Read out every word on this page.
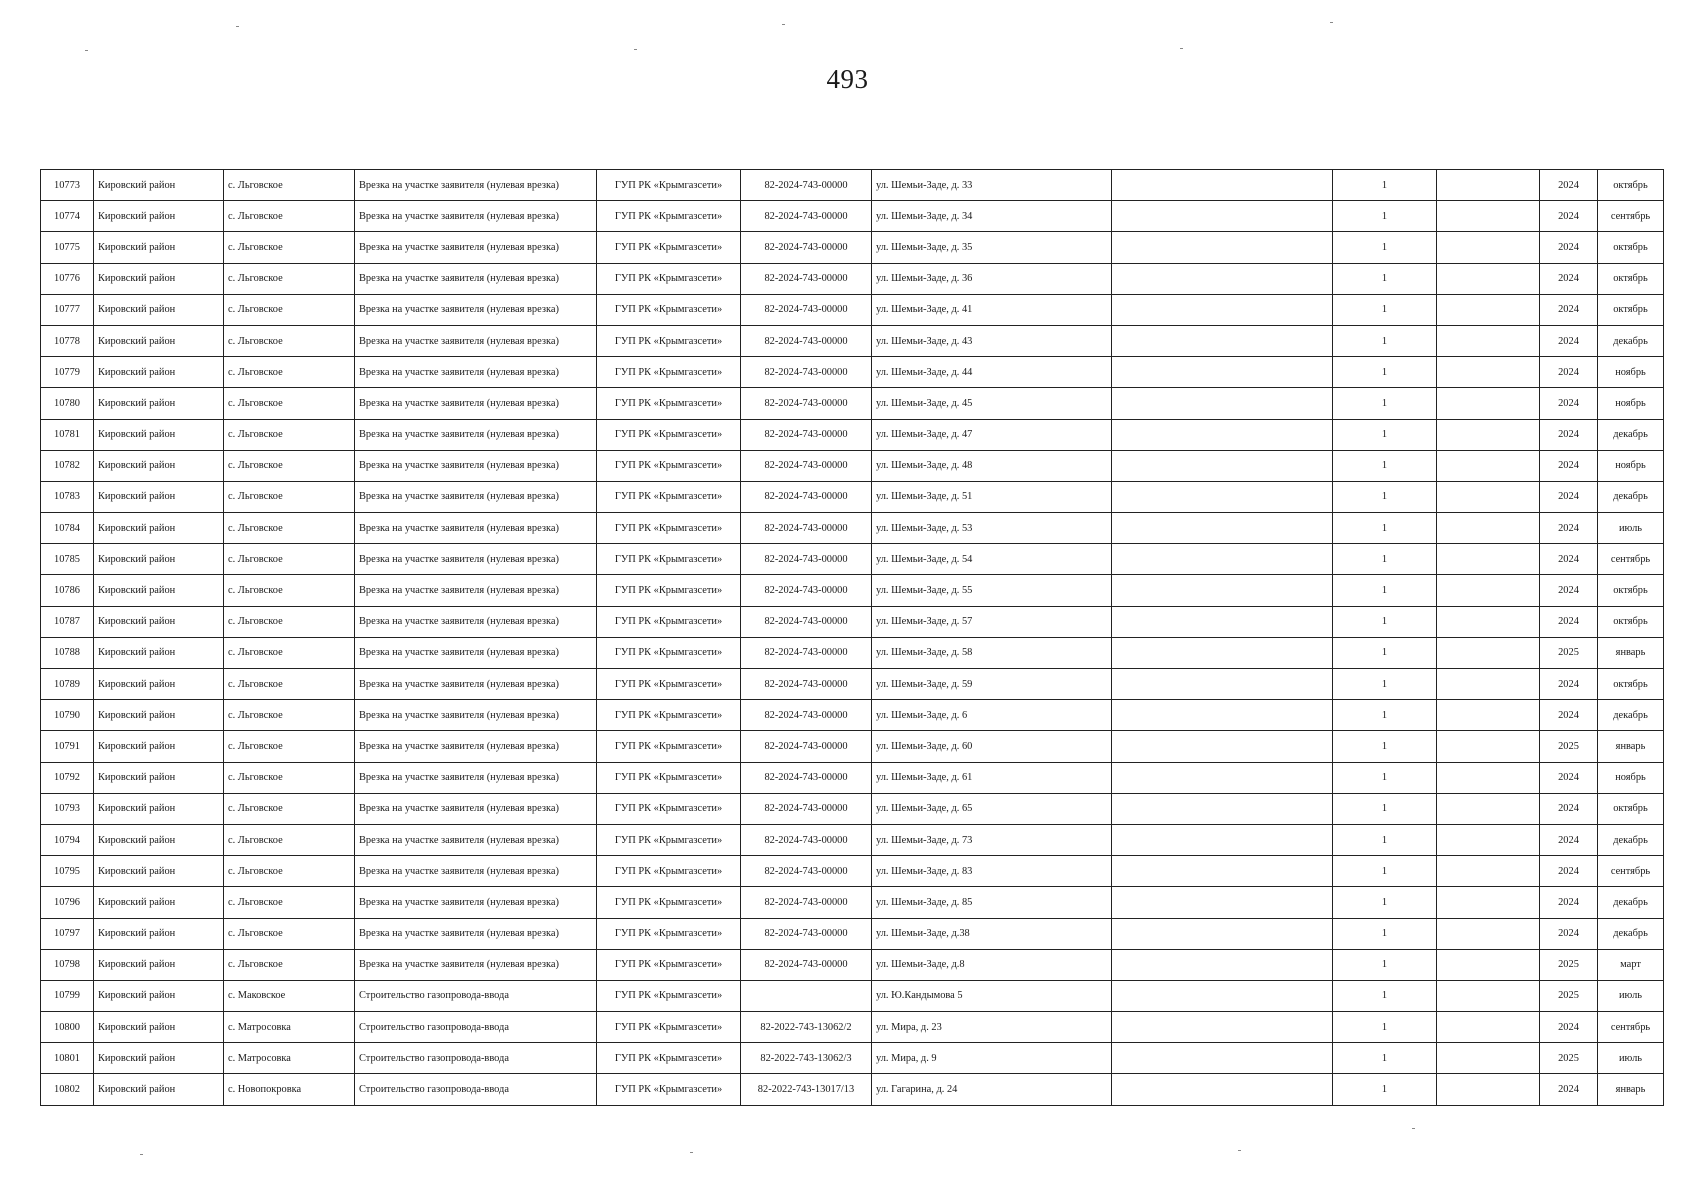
493
10773	Кировский район	с. Льговское	Врезка на участке заявителя (нулевая врезка)	ГУП РК «Крымгазсети»	82-2024-743-00000	ул. Шемьи-Заде, д. 33		1		2024	октябрь
10774	Кировский район	с. Льговское	Врезка на участке заявителя (нулевая врезка)	ГУП РК «Крымгазсети»	82-2024-743-00000	ул. Шемьи-Заде, д. 34		1		2024	сентябрь
10775	Кировский район	с. Льговское	Врезка на участке заявителя (нулевая врезка)	ГУП РК «Крымгазсети»	82-2024-743-00000	ул. Шемьи-Заде, д. 35		1		2024	октябрь
10776	Кировский район	с. Льговское	Врезка на участке заявителя (нулевая врезка)	ГУП РК «Крымгазсети»	82-2024-743-00000	ул. Шемьи-Заде, д. 36		1		2024	октябрь
10777	Кировский район	с. Льговское	Врезка на участке заявителя (нулевая врезка)	ГУП РК «Крымгазсети»	82-2024-743-00000	ул. Шемьи-Заде, д. 41		1		2024	октябрь
10778	Кировский район	с. Льговское	Врезка на участке заявителя (нулевая врезка)	ГУП РК «Крымгазсети»	82-2024-743-00000	ул. Шемьи-Заде, д. 43		1		2024	декабрь
10779	Кировский район	с. Льговское	Врезка на участке заявителя (нулевая врезка)	ГУП РК «Крымгазсети»	82-2024-743-00000	ул. Шемьи-Заде, д. 44		1		2024	ноябрь
10780	Кировский район	с. Льговское	Врезка на участке заявителя (нулевая врезка)	ГУП РК «Крымгазсети»	82-2024-743-00000	ул. Шемьи-Заде, д. 45		1		2024	ноябрь
10781	Кировский район	с. Льговское	Врезка на участке заявителя (нулевая врезка)	ГУП РК «Крымгазсети»	82-2024-743-00000	ул. Шемьи-Заде, д. 47		1		2024	декабрь
10782	Кировский район	с. Льговское	Врезка на участке заявителя (нулевая врезка)	ГУП РК «Крымгазсети»	82-2024-743-00000	ул. Шемьи-Заде, д. 48		1		2024	ноябрь
10783	Кировский район	с. Льговское	Врезка на участке заявителя (нулевая врезка)	ГУП РК «Крымгазсети»	82-2024-743-00000	ул. Шемьи-Заде, д. 51		1		2024	декабрь
10784	Кировский район	с. Льговское	Врезка на участке заявителя (нулевая врезка)	ГУП РК «Крымгазсети»	82-2024-743-00000	ул. Шемьи-Заде, д. 53		1		2024	июль
10785	Кировский район	с. Льговское	Врезка на участке заявителя (нулевая врезка)	ГУП РК «Крымгазсети»	82-2024-743-00000	ул. Шемьи-Заде, д. 54		1		2024	сентябрь
10786	Кировский район	с. Льговское	Врезка на участке заявителя (нулевая врезка)	ГУП РК «Крымгазсети»	82-2024-743-00000	ул. Шемьи-Заде, д. 55		1		2024	октябрь
10787	Кировский район	с. Льговское	Врезка на участке заявителя (нулевая врезка)	ГУП РК «Крымгазсети»	82-2024-743-00000	ул. Шемьи-Заде, д. 57		1		2024	октябрь
10788	Кировский район	с. Льговское	Врезка на участке заявителя (нулевая врезка)	ГУП РК «Крымгазсети»	82-2024-743-00000	ул. Шемьи-Заде, д. 58		1		2025	январь
10789	Кировский район	с. Льговское	Врезка на участке заявителя (нулевая врезка)	ГУП РК «Крымгазсети»	82-2024-743-00000	ул. Шемьи-Заде, д. 59		1		2024	октябрь
10790	Кировский район	с. Льговское	Врезка на участке заявителя (нулевая врезка)	ГУП РК «Крымгазсети»	82-2024-743-00000	ул. Шемьи-Заде, д. 6		1		2024	декабрь
10791	Кировский район	с. Льговское	Врезка на участке заявителя (нулевая врезка)	ГУП РК «Крымгазсети»	82-2024-743-00000	ул. Шемьи-Заде, д. 60		1		2025	январь
10792	Кировский район	с. Льговское	Врезка на участке заявителя (нулевая врезка)	ГУП РК «Крымгазсети»	82-2024-743-00000	ул. Шемьи-Заде, д. 61		1		2024	ноябрь
10793	Кировский район	с. Льговское	Врезка на участке заявителя (нулевая врезка)	ГУП РК «Крымгазсети»	82-2024-743-00000	ул. Шемьи-Заде, д. 65		1		2024	октябрь
10794	Кировский район	с. Льговское	Врезка на участке заявителя (нулевая врезка)	ГУП РК «Крымгазсети»	82-2024-743-00000	ул. Шемьи-Заде, д. 73		1		2024	декабрь
10795	Кировский район	с. Льговское	Врезка на участке заявителя (нулевая врезка)	ГУП РК «Крымгазсети»	82-2024-743-00000	ул. Шемьи-Заде, д. 83		1		2024	сентябрь
10796	Кировский район	с. Льговское	Врезка на участке заявителя (нулевая врезка)	ГУП РК «Крымгазсети»	82-2024-743-00000	ул. Шемьи-Заде, д. 85		1		2024	декабрь
10797	Кировский район	с. Льговское	Врезка на участке заявителя (нулевая врезка)	ГУП РК «Крымгазсети»	82-2024-743-00000	ул. Шемьи-Заде, д.38		1		2024	декабрь
10798	Кировский район	с. Льговское	Врезка на участке заявителя (нулевая врезка)	ГУП РК «Крымгазсети»	82-2024-743-00000	ул. Шемьи-Заде, д.8		1		2025	март
10799	Кировский район	с. Маковское	Строительство газопровода-ввода	ГУП РК «Крымгазсети»		ул. Ю.Кандымова 5		1		2025	июль
10800	Кировский район	с. Матросовка	Строительство газопровода-ввода	ГУП РК «Крымгазсети»	82-2022-743-13062/2	ул. Мира, д. 23		1		2024	сентябрь
10801	Кировский район	с. Матросовка	Строительство газопровода-ввода	ГУП РК «Крымгазсети»	82-2022-743-13062/3	ул. Мира, д. 9		1		2025	июль
10802	Кировский район	с. Новопокровка	Строительство газопровода-ввода	ГУП РК «Крымгазсети»	82-2022-743-13017/13	ул. Гагарина, д. 24		1		2024	январь
